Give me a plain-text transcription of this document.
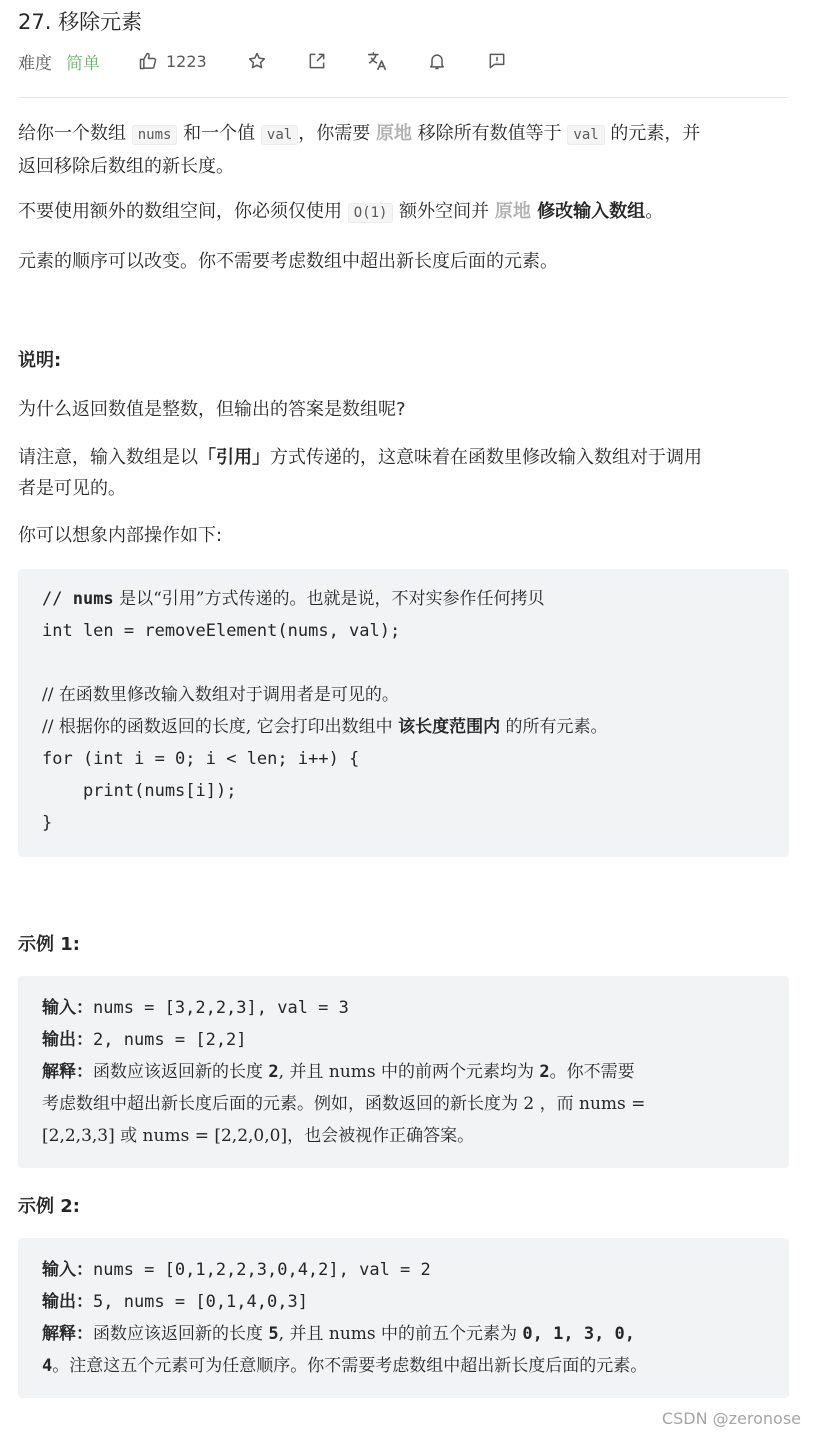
27. 移除元素
难度 简单	1223
给你一个数组 nums 和一个值 val ，你需要 原地 移除所有数值等于 val 的元素，并
返回移除后数组的新长度。
不要使用额外的数组空间，你必须仅使用 O(1) 额外空间并 原地 修改输入数组。
元素的顺序可以改变。你不需要考虑数组中超出新长度后面的元素。
说明:
为什么返回数值是整数，但输出的答案是数组呢?
请注意，输入数组是以「引用」方式传递的，这意味着在函数里修改输入数组对于调用
者是可见的。
你可以想象内部操作如下:
// nums 是以“引用”方式传递的。也就是说，不对实参作任何拷贝
int len = removeElement(nums, val);
// 在函数里修改输入数组对于调用者是可见的。
// 根据你的函数返回的长度, 它会打印出数组中 该长度范围内 的所有元素。
for (int i = 0; i < len; i++) {
print(nums[i]);
}
示例 1:
输入：nums = [3,2,2,3], val = 3
输出：2, nums = [2,2]
解释：函数应该返回新的长度 2, 并且 nums 中的前两个元素均为 2。你不需要
考虑数组中超出新长度后面的元素。例如，函数返回的新长度为 2 ，而 nums =
[2,2,3,3] 或 nums = [2,2,0,0]，也会被视作正确答案。
示例 2:
输入：nums = [0,1,2,2,3,0,4,2], val = 2
输出：5, nums = [0,1,4,0,3]
解释：函数应该返回新的长度 5, 并且 nums 中的前五个元素为 0, 1, 3, 0,
4。注意这五个元素可为任意顺序。你不需要考虑数组中超出新长度后面的元素。
CSDN @zeronose
